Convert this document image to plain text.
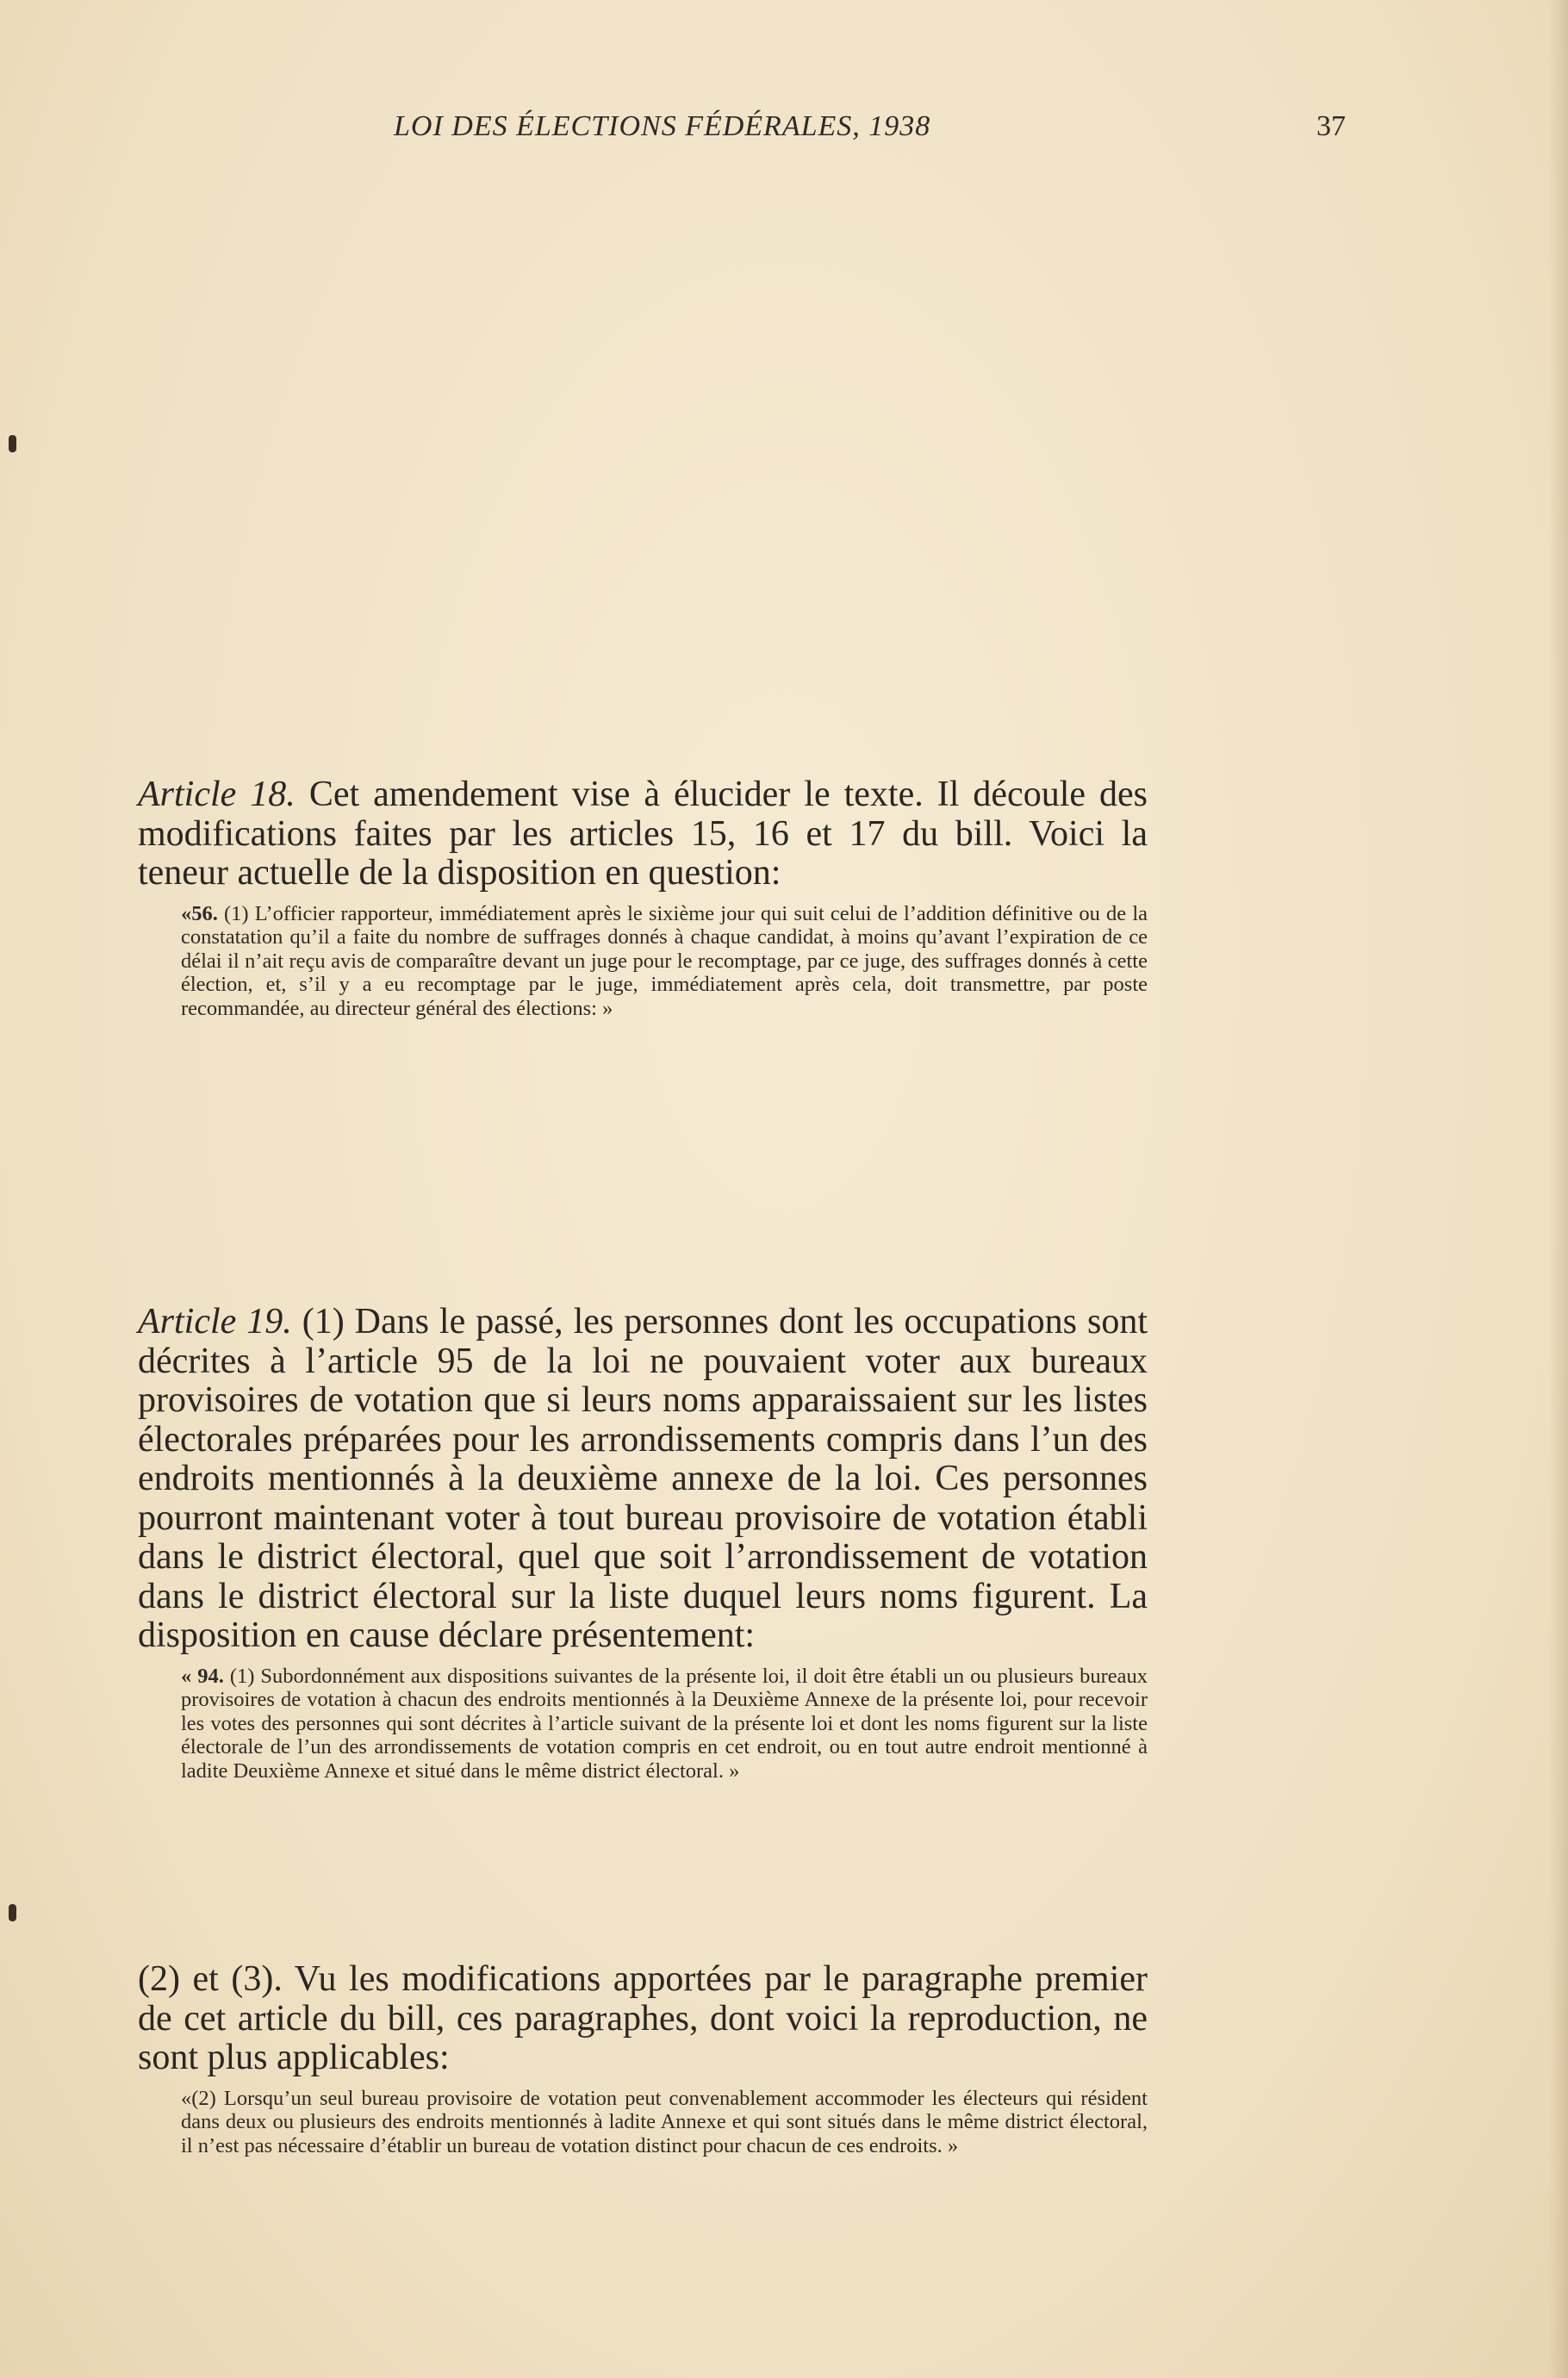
LOI DES ÉLECTIONS FÉDÉRALES, 1938	37

Article 18. Cet amendement vise à élucider le texte. Il découle des modifications faites par les articles 15, 16 et 17 du bill. Voici la teneur actuelle de la disposition en question:

«56. (1) L’officier rapporteur, immédiatement après le sixième jour qui suit celui de l’addition définitive ou de la constatation qu’il a faite du nombre de suffrages donnés à chaque candidat, à moins qu’avant l’expiration de ce délai il n’ait reçu avis de comparaître devant un juge pour le recomptage, par ce juge, des suffrages donnés à cette élection, et, s’il y a eu recomptage par le juge, immédiatement après cela, doit transmettre, par poste recommandée, au directeur général des élections: »

Article 19. (1) Dans le passé, les personnes dont les occupations sont décrites à l’article 95 de la loi ne pouvaient voter aux bureaux provisoires de votation que si leurs noms apparaissaient sur les listes électorales préparées pour les arrondissements compris dans l’un des endroits mentionnés à la deuxième annexe de la loi. Ces personnes pourront maintenant voter à tout bureau provisoire de votation établi dans le district électoral, quel que soit l’arrondissement de votation dans le district électoral sur la liste duquel leurs noms figurent. La disposition en cause déclare présentement:

« 94. (1) Subordonnément aux dispositions suivantes de la présente loi, il doit être établi un ou plusieurs bureaux provisoires de votation à chacun des endroits mentionnés à la Deuxième Annexe de la présente loi, pour recevoir les votes des personnes qui sont décrites à l’article suivant de la présente loi et dont les noms figurent sur la liste électorale de l’un des arrondissements de votation compris en cet endroit, ou en tout autre endroit mentionné à ladite Deuxième Annexe et situé dans le même district électoral. »

(2) et (3). Vu les modifications apportées par le paragraphe premier de cet article du bill, ces paragraphes, dont voici la reproduction, ne sont plus applicables:

«(2) Lorsqu’un seul bureau provisoire de votation peut convenablement accommoder les électeurs qui résident dans deux ou plusieurs des endroits mentionnés à ladite Annexe et qui sont situés dans le même district électoral, il n’est pas nécessaire d’établir un bureau de votation distinct pour chacun de ces endroits. »
